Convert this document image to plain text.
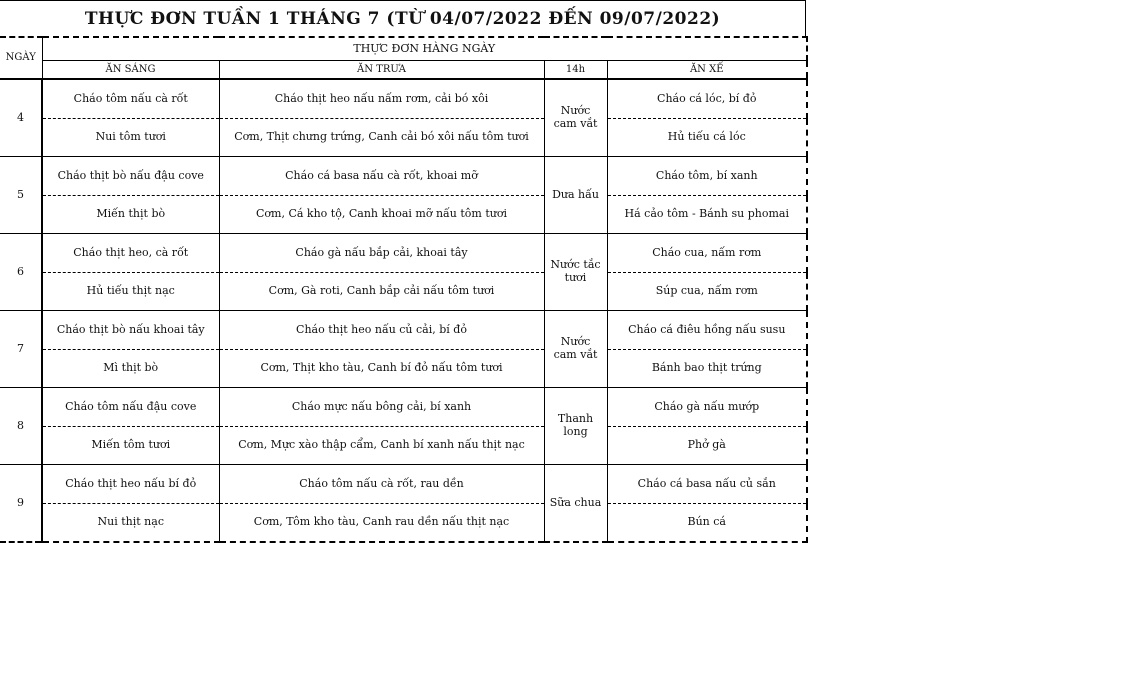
THỰC ĐƠN TUẦN 1 THÁNG 7 (TỪ 04/07/2022 ĐẾN 09/07/2022)
NGÀY	THỰC ĐƠN HÀNG NGÀY			
	ĂN SÁNG	ĂN TRƯA	14h	ĂN XẾ
4	Cháo tôm nấu cà rốt	Cháo thịt heo nấu nấm rơm, cải bó xôi	Nước cam vắt	Cháo cá lóc, bí đỏ
	Nui tôm tươi	Cơm, Thịt chưng trứng, Canh cải bó xôi nấu tôm tươi		Hủ tiếu cá lóc
5	Cháo thịt bò nấu đậu cove	Cháo cá basa nấu cà rốt, khoai mỡ	Dưa hấu	Cháo tôm, bí xanh
	Miến thịt bò	Cơm, Cá kho tộ, Canh khoai mỡ nấu tôm tươi		Há cảo tôm - Bánh su phomai
6	Cháo thịt heo, cà rốt	Cháo gà nấu bắp cải, khoai tây	Nước tắc tươi	Cháo cua, nấm rơm
	Hủ tiếu thịt nạc	Cơm, Gà roti, Canh bắp cải nấu tôm tươi		Súp cua, nấm rơm
7	Cháo thịt bò nấu khoai tây	Cháo thịt heo nấu củ cải, bí đỏ	Nước cam vắt	Cháo cá điêu hồng nấu susu
	Mì thịt bò	Cơm, Thịt kho tàu, Canh bí đỏ nấu tôm tươi		Bánh bao thịt trứng
8	Cháo tôm nấu đậu cove	Cháo mực nấu bông cải, bí xanh	Thanh long	Cháo gà nấu mướp
	Miến tôm tươi	Cơm, Mực xào thập cẩm, Canh bí xanh nấu thịt nạc		Phở gà
9	Cháo thịt heo nấu bí đỏ	Cháo tôm nấu cà rốt, rau dền	Sữa chua	Cháo cá basa nấu củ sắn
	Nui thịt nạc	Cơm, Tôm kho tàu, Canh rau dền nấu thịt nạc		Bún cá
